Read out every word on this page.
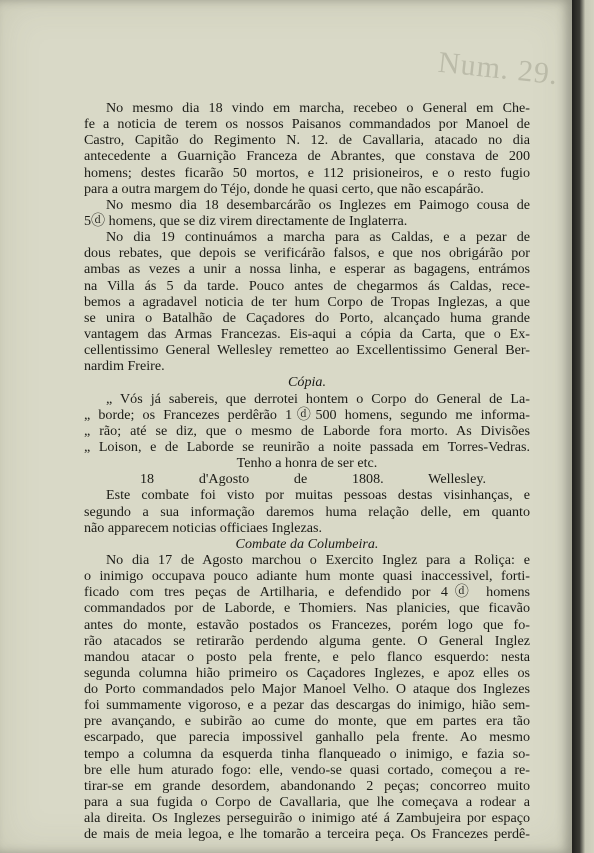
Num. 29.
No mesmo dia 18 vindo em marcha, recebeo o General em Che-
fe a noticia de terem os nossos Paisanos commandados por Manoel de
Castro, Capitão do Regimento N. 12. de Cavallaria, atacado no dia
antecedente a Guarnição Franceza de Abrantes, que constava de 200
homens; destes ficarão 50 mortos, e 112 prisioneiros, e o resto fugio
para a outra margem do Téjo, donde he quasi certo, que não escapárão.
No mesmo dia 18 desembarcárão os Inglezes em Paimogo cousa de
5ⓓ homens, que se diz virem directamente de Inglaterra.
No dia 19 continuámos a marcha para as Caldas, e a pezar de
dous rebates, que depois se verificárão falsos, e que nos obrigárão por
ambas as vezes a unir a nossa linha, e esperar as bagagens, entrámos
na Villa ás 5 da tarde. Pouco antes de chegarmos ás Caldas, rece-
bemos a agradavel noticia de ter hum Corpo de Tropas Inglezas, a que
se unira o Batalhão de Caçadores do Porto, alcançado huma grande
vantagem das Armas Francezas. Eis-aqui a cópia da Carta, que o Ex-
cellentissimo General Wellesley remetteo ao Excellentissimo General Ber-
nardim Freire.
Cópia.
„ Vós já sabereis, que derrotei hontem o Corpo do General de La-
„ borde; os Francezes perdêrão 1ⓓ500 homens, segundo me informa-
„ rão; até se diz, que o mesmo de Laborde fora morto. As Divisões
„ Loison, e de Laborde se reunirão a noite passada em Torres-Vedras.
Tenho a honra de ser etc.
18 d'Agosto de 1808. Wellesley.
Este combate foi visto por muitas pessoas destas visinhanças, e
segundo a sua informação daremos huma relação delle, em quanto
não apparecem noticias officiaes Inglezas.
Combate da Columbeira.
No dia 17 de Agosto marchou o Exercito Inglez para a Roliça: e
o inimigo occupava pouco adiante hum monte quasi inaccessivel, forti-
ficado com tres peças de Artilharia, e defendido por 4ⓓ homens
commandados por de Laborde, e Thomiers. Nas planicies, que ficavão
antes do monte, estavão postados os Francezes, porém logo que fo-
rão atacados se retirarão perdendo alguma gente. O General Inglez
mandou atacar o posto pela frente, e pelo flanco esquerdo: nesta
segunda columna hião primeiro os Caçadores Inglezes, e apoz elles os
do Porto commandados pelo Major Manoel Velho. O ataque dos Inglezes
foi summamente vigoroso, e a pezar das descargas do inimigo, hião sem-
pre avançando, e subirão ao cume do monte, que em partes era tão
escarpado, que parecia impossivel ganhallo pela frente. Ao mesmo
tempo a columna da esquerda tinha flanqueado o inimigo, e fazia so-
bre elle hum aturado fogo: elle, vendo-se quasi cortado, começou a re-
tirar-se em grande desordem, abandonando 2 peças; concorreo muito
para a sua fugida o Corpo de Cavallaria, que lhe começava a rodear a
ala direita. Os Inglezes perseguirão o inimigo até á Zambujeira por espaço
de mais de meia legoa, e lhe tomarão a terceira peça. Os Francezes perdê-
